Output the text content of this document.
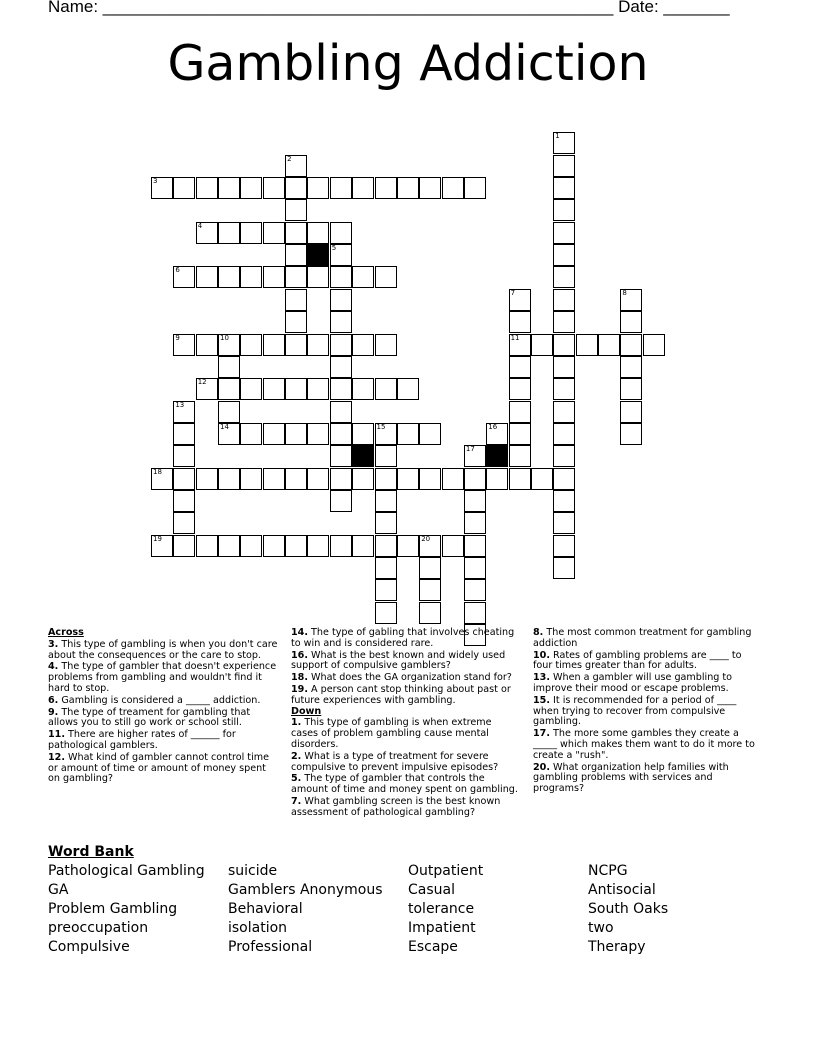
Name: ______________________________________________________ Date: _______
Gambling Addiction
3
4
6
9	11
12
14
18
19
1
2
5
7	8
10
13
15	16
17
20
Across
3. This type of gambling is when you don't care about the consequences or the care to stop.
4. The type of gambler that doesn't experience problems from gambling and wouldn't find it hard to stop.
6. Gambling is considered a _____ addiction.
9. The type of treament for gambling that allows you to still go work or school still.
11. There are higher rates of ______ for pathological gamblers.
12. What kind of gambler cannot control time or amount of time or amount of money spent on gambling?
14. The type of gabling that involves cheating to win and is considered rare.
16. What is the best known and widely used support of compulsive gamblers?
18. What does the GA organization stand for?
19. A person cant stop thinking about past or future experiences with gambling.
Down
1. This type of gambling is when extreme cases of problem gambling cause mental disorders.
2. What is a type of treatment for severe compulsive to prevent impulsive episodes?
5. The type of gambler that controls the amount of time and money spent on gambling.
7. What gambling screen is the best known assessment of pathological gambling?
8. The most common treatment for gambling addiction
10. Rates of gambling problems are ____ to four times greater than for adults.
13. When a gambler will use gambling to improve their mood or escape problems.
15. It is recommended for a period of ____ when trying to recover from compulsive gambling.
17. The more some gambles they create a _____ which makes them want to do it more to create a "rush".
20. What organization help families with gambling problems with services and programs?
Word Bank
Pathological Gambling
GA
Problem Gambling
preoccupation
Compulsive
suicide
Gamblers Anonymous
Behavioral
isolation
Professional
Outpatient
Casual
tolerance
Impatient
Escape
NCPG
Antisocial
South Oaks
two
Therapy
